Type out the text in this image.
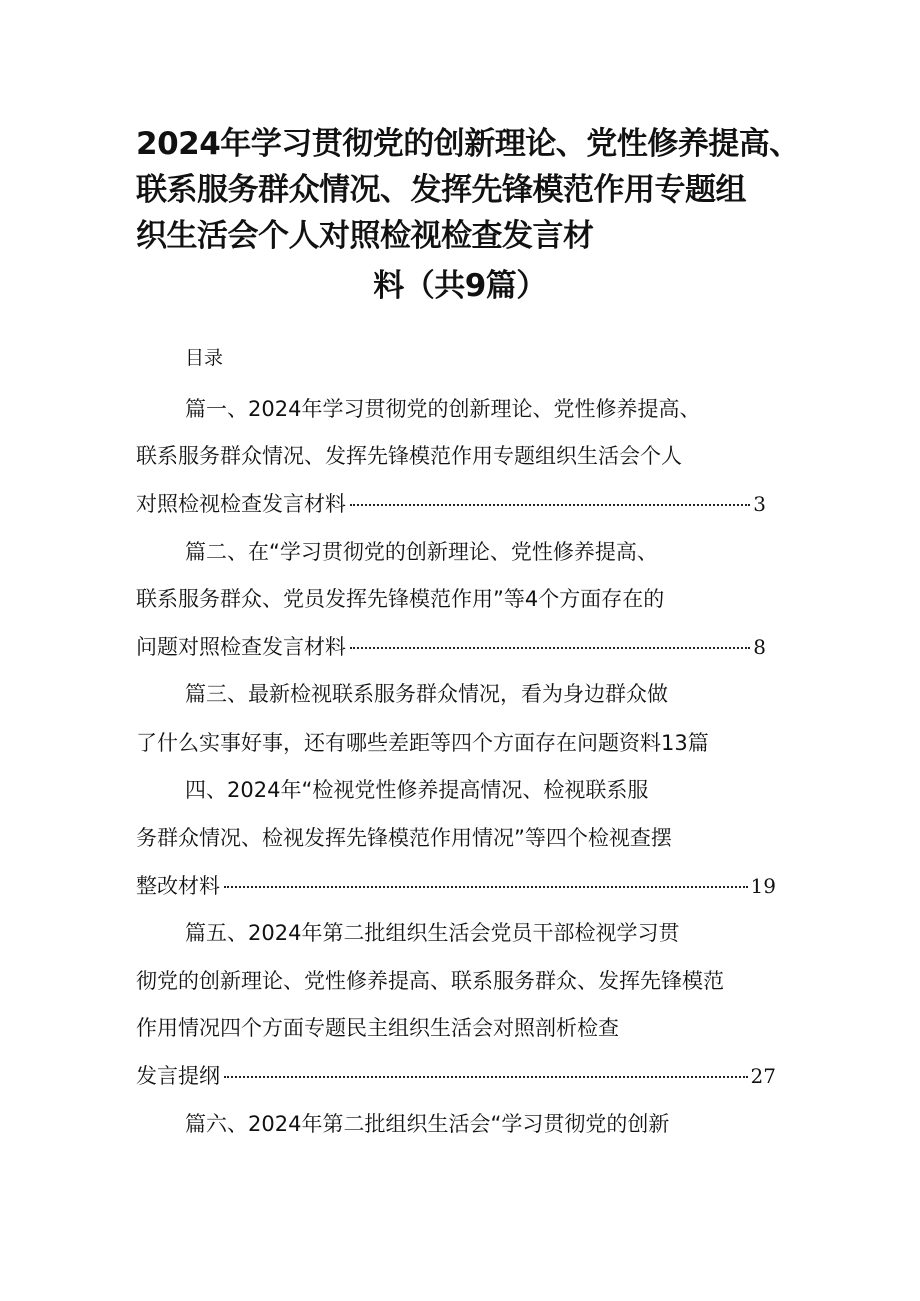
2024年学习贯彻党的创新理论、党性修养提高、
联系服务群众情况、发挥先锋模范作用专题组
织生活会个人对照检视检查发言材
料（共9篇）
目录
篇一、2024年学习贯彻党的创新理论、党性修养提高、
联系服务群众情况、发挥先锋模范作用专题组织生活会个人
对照检视检查发言材料	3
篇二、在“学习贯彻党的创新理论、党性修养提高、
联系服务群众、党员发挥先锋模范作用”等4个方面存在的
问题对照检查发言材料	8
篇三、最新检视联系服务群众情况，看为身边群众做
了什么实事好事，还有哪些差距等四个方面存在问题资料13篇
四、2024年“检视党性修养提高情况、检视联系服
务群众情况、检视发挥先锋模范作用情况”等四个检视查摆
整改材料	19
篇五、2024年第二批组织生活会党员干部检视学习贯
彻党的创新理论、党性修养提高、联系服务群众、发挥先锋模范
作用情况四个方面专题民主组织生活会对照剖析检查
发言提纲	27
篇六、2024年第二批组织生活会“学习贯彻党的创新
